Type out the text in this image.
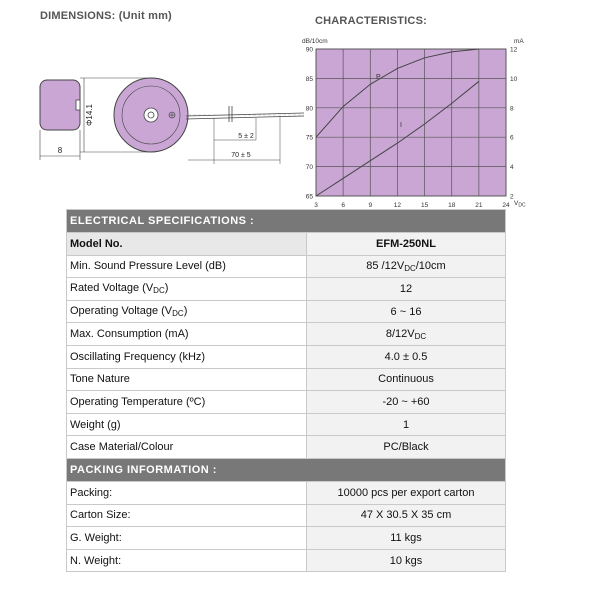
DIMENSIONS: (Unit mm)	CHARACTERISTICS:
8
Φ14.1
5 ± 2
70 ± 5
65
70
75
80
85
90
2
4
6
8
10
12
3	6	9	12	15	18	21	24
P
I
dB/10cm	mA
$V_{DC}$
ELECTRICAL SPECIFICATIONS :	
Model No.	EFM-250NL
Min. Sound Pressure Level (dB)	85 $/12V_{DC}/10cm$
Rated Voltage $(V_{DC})$	12
Operating Voltage $(V_{DC})$	6 ~ 16
Max. Consumption (mA)	$8/12V_{DC}$
Oscillating Frequency (kHz)	4.0 ± 0.5
Tone Nature	Continuous
Operating Temperature (ºC)	-20 ~ +60
Weight (g)	1
Case Material/Colour	PC/Black
PACKING INFORMATION :	
Packing:	10000 pcs per export carton
Carton Size:	47 X 30.5 X 35 cm
G. Weight:	11 kgs
N. Weight:	10 kgs
